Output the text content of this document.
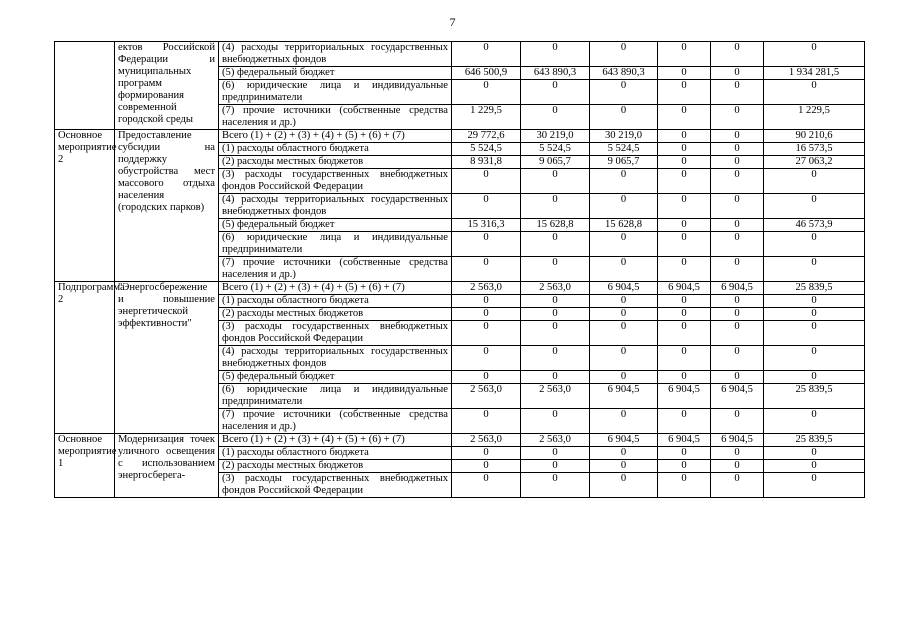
7
	ектов Российской Федерации и муниципальных программ формирования современной городской среды	(4) расходы территориальных государственных внебюджетных фондов	0	0	0	0	0	0
		(5) федеральный бюджет	646 500,9	643 890,3	643 890,3	0	0	1 934 281,5
		(6) юридические лица и индивидуальные предприниматели	0	0	0	0	0	0
		(7) прочие источники (собственные средства населения и др.)	1 229,5	0	0	0	0	1 229,5
Основное мероприятие 2	Предоставление субсидии на поддержку обустройства мест массового отдыха населения (городских парков)	Всего (1) + (2) + (3) + (4) + (5) + (6) + (7)	29 772,6	30 219,0	30 219,0	0	0	90 210,6
		(1) расходы областного бюджета	5 524,5	5 524,5	5 524,5	0	0	16 573,5
		(2) расходы местных бюджетов	8 931,8	9 065,7	9 065,7	0	0	27 063,2
		(3) расходы государственных внебюджетных фондов Российской Федерации	0	0	0	0	0	0
		(4) расходы территориальных государственных внебюджетных фондов	0	0	0	0	0	0
		(5) федеральный бюджет	15 316,3	15 628,8	15 628,8	0	0	46 573,9
		(6) юридические лица и индивидуальные предприниматели	0	0	0	0	0	0
		(7) прочие источники (собственные средства населения и др.)	0	0	0	0	0	0
Подпрограмма 2	"Энергосбережение и повышение энергетической эффективности"	Всего (1) + (2) + (3) + (4) + (5) + (6) + (7)	2 563,0	2 563,0	6 904,5	6 904,5	6 904,5	25 839,5
		(1) расходы областного бюджета	0	0	0	0	0	0
		(2) расходы местных бюджетов	0	0	0	0	0	0
		(3) расходы государственных внебюджетных фондов Российской Федерации	0	0	0	0	0	0
		(4) расходы территориальных государственных внебюджетных фондов	0	0	0	0	0	0
		(5) федеральный бюджет	0	0	0	0	0	0
		(6) юридические лица и индивидуальные предприниматели	2 563,0	2 563,0	6 904,5	6 904,5	6 904,5	25 839,5
		(7) прочие источники (собственные средства населения и др.)	0	0	0	0	0	0
Основное мероприятие 1	Модернизация точек уличного освещения с использованием энергосберега-	Всего (1) + (2) + (3) + (4) + (5) + (6) + (7)	2 563,0	2 563,0	6 904,5	6 904,5	6 904,5	25 839,5
		(1) расходы областного бюджета	0	0	0	0	0	0
		(2) расходы местных бюджетов	0	0	0	0	0	0
		(3) расходы государственных внебюджетных фондов Российской Федерации	0	0	0	0	0	0
